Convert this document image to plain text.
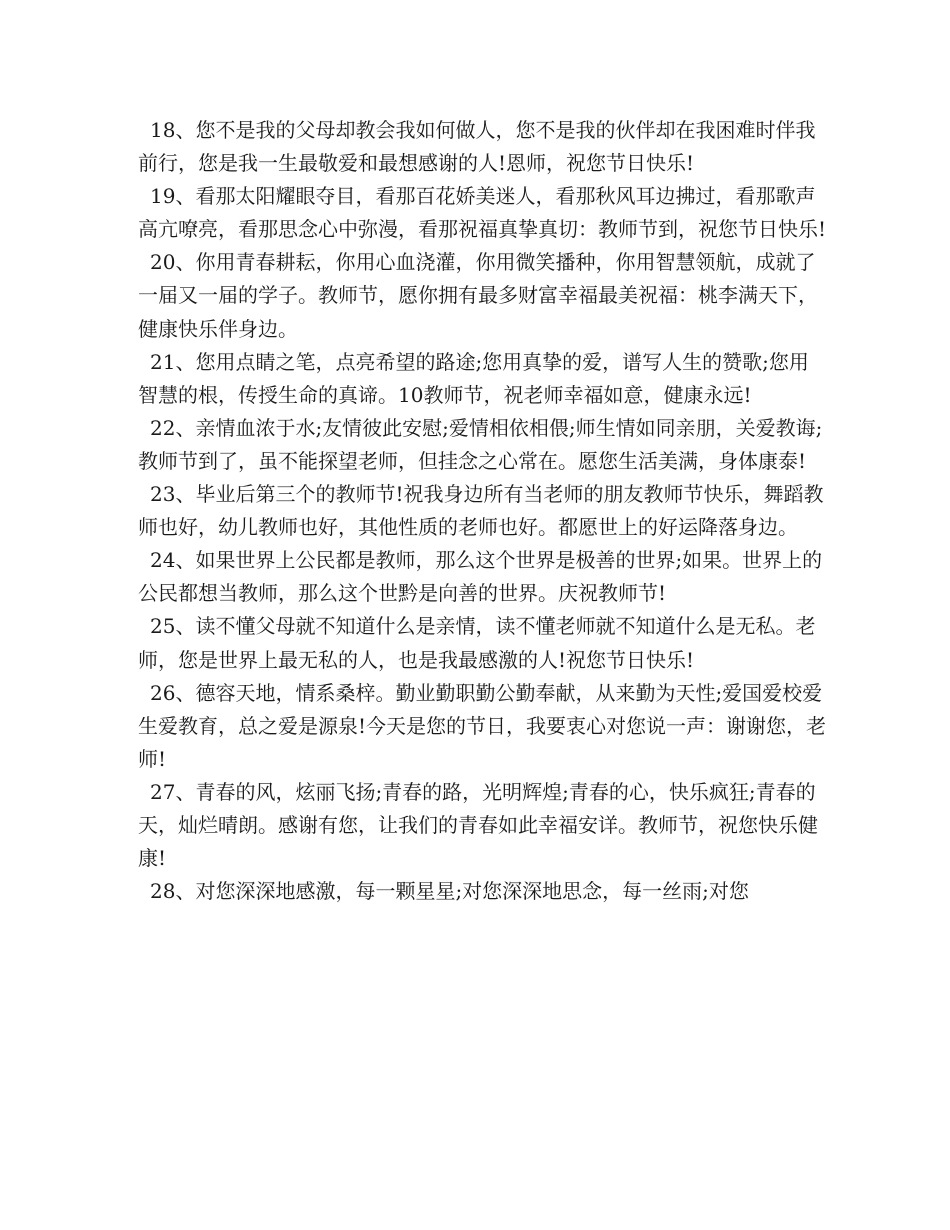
18、您不是我的父母却教会我如何做人，您不是我的伙伴却在我困难时伴我前行，您是我一生最敬爱和最想感谢的人!恩师，祝您节日快乐!

19、看那太阳耀眼夺目，看那百花娇美迷人，看那秋风耳边拂过，看那歌声高亢嘹亮，看那思念心中弥漫，看那祝福真挚真切：教师节到，祝您节日快乐!

20、你用青春耕耘，你用心血浇灌，你用微笑播种，你用智慧领航，成就了一届又一届的学子。教师节，愿你拥有最多财富幸福最美祝福：桃李满天下，健康快乐伴身边。

21、您用点睛之笔，点亮希望的路途;您用真挚的爱，谱写人生的赞歌;您用智慧的根，传授生命的真谛。10教师节，祝老师幸福如意，健康永远!

22、亲情血浓于水;友情彼此安慰;爱情相依相偎;师生情如同亲朋，关爱教诲;教师节到了，虽不能探望老师，但挂念之心常在。愿您生活美满，身体康泰!

23、毕业后第三个的教师节!祝我身边所有当老师的朋友教师节快乐，舞蹈教师也好，幼儿教师也好，其他性质的老师也好。都愿世上的好运降落身边。

24、如果世界上公民都是教师，那么这个世界是极善的世界;如果。世界上的公民都想当教师，那么这个世黔是向善的世界。庆祝教师节!

25、读不懂父母就不知道什么是亲情，读不懂老师就不知道什么是无私。老师，您是世界上最无私的人，也是我最感激的人!祝您节日快乐!

26、德容天地，情系桑梓。勤业勤职勤公勤奉献，从来勤为天性;爱国爱校爱生爱教育，总之爱是源泉!今天是您的节日，我要衷心对您说一声：谢谢您，老师!

27、青春的风，炫丽飞扬;青春的路，光明辉煌;青春的心，快乐疯狂;青春的天，灿烂晴朗。感谢有您，让我们的青春如此幸福安详。教师节，祝您快乐健康!

28、对您深深地感激，每一颗星星;对您深深地思念，每一丝雨;对您
